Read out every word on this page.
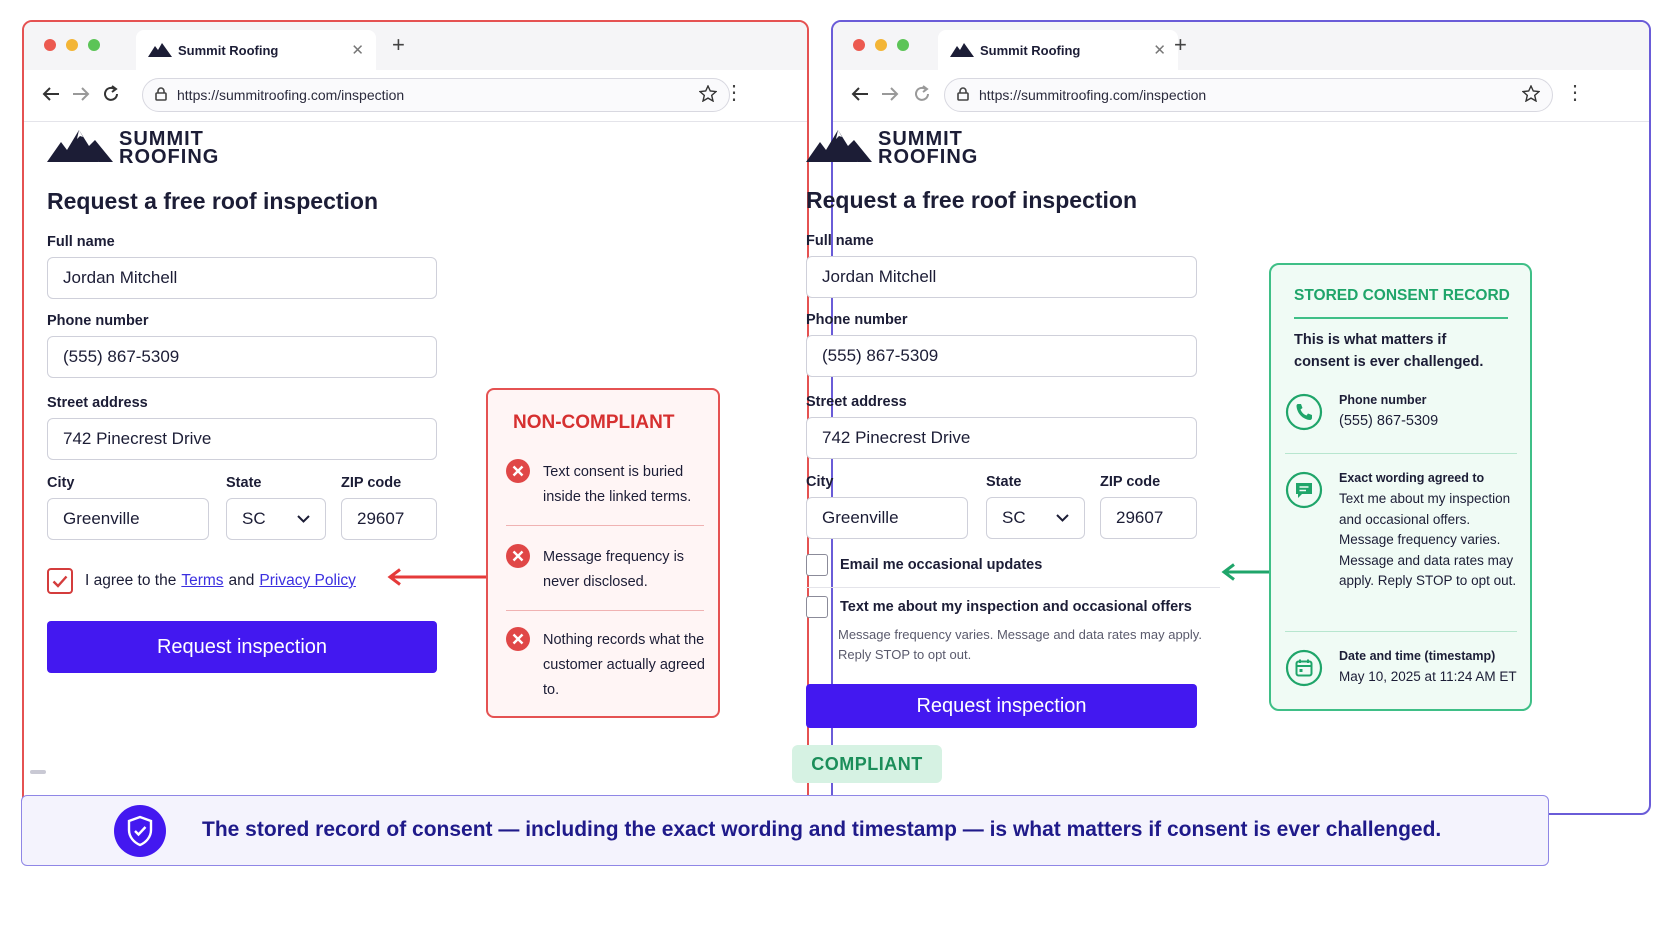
Summit Roofing	✕ +
https://summitroofing.com/inspection	⋮
SUMMIT
ROOFING
Request a free roof inspection
Full name
Jordan Mitchell
Phone number
(555) 867-5309
Street address
742 Pinecrest Drive
City
Greenville
State
SC
ZIP code
29607
I agree to the Terms and Privacy Policy
Request inspection
NON-COMPLIANT
Text consent is buried inside the linked terms.
Message frequency is never disclosed.
Nothing records what the customer actually agreed to.
Summit Roofing	✕ +
https://summitroofing.com/inspection	⋮
SUMMIT
ROOFING
Request a free roof inspection
Full name
Jordan Mitchell
Phone number
(555) 867-5309
Street address
742 Pinecrest Drive
City
Greenville
State
SC
ZIP code
29607
Email me occasional updates
Text me about my inspection and occasional offers
Message frequency varies. Message and data rates may apply. Reply STOP to opt out.
Request inspection
COMPLIANT
STORED CONSENT RECORD
This is what matters if consent is ever challenged.
Phone number
(555) 867-5309
Exact wording agreed to
Text me about my inspection and occasional offers. Message frequency varies. Message and data rates may apply. Reply STOP to opt out.
Date and time (timestamp)
May 10, 2025 at 11:24 AM ET
The stored record of consent — including the exact wording and timestamp — is what matters if consent is ever challenged.
